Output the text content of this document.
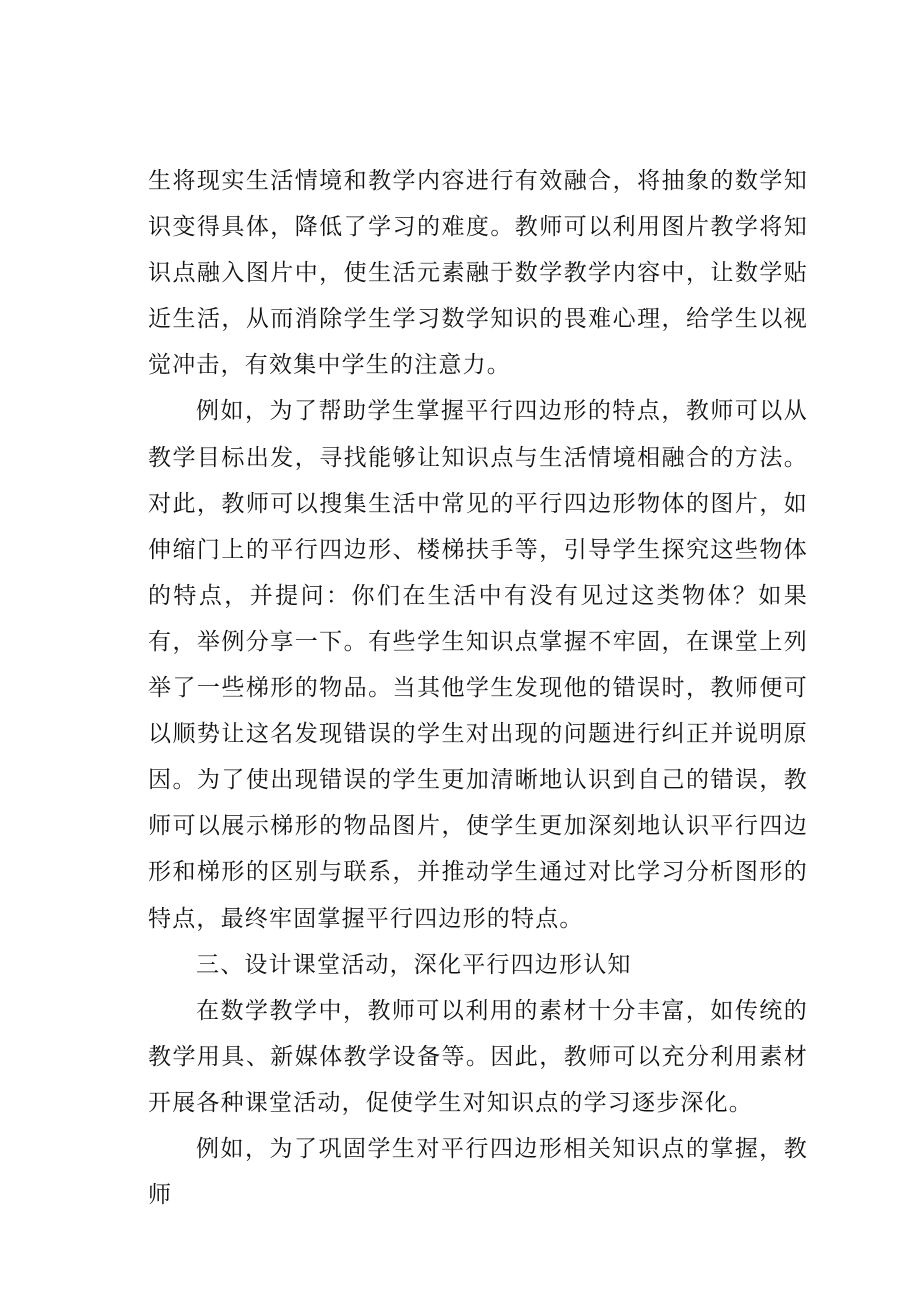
生将现实生活情境和教学内容进行有效融合，将抽象的数学知识变得具体，降低了学习的难度。教师可以利用图片教学将知识点融入图片中，使生活元素融于数学教学内容中，让数学贴近生活，从而消除学生学习数学知识的畏难心理，给学生以视觉冲击，有效集中学生的注意力。

例如，为了帮助学生掌握平行四边形的特点，教师可以从教学目标出发，寻找能够让知识点与生活情境相融合的方法。对此，教师可以搜集生活中常见的平行四边形物体的图片，如伸缩门上的平行四边形、楼梯扶手等，引导学生探究这些物体的特点，并提问：你们在生活中有没有见过这类物体？如果有，举例分享一下。有些学生知识点掌握不牢固，在课堂上列举了一些梯形的物品。当其他学生发现他的错误时，教师便可以顺势让这名发现错误的学生对出现的问题进行纠正并说明原因。为了使出现错误的学生更加清晰地认识到自己的错误，教师可以展示梯形的物品图片，使学生更加深刻地认识平行四边形和梯形的区别与联系，并推动学生通过对比学习分析图形的特点，最终牢固掌握平行四边形的特点。

三、设计课堂活动，深化平行四边形认知

在数学教学中，教师可以利用的素材十分丰富，如传统的教学用具、新媒体教学设备等。因此，教师可以充分利用素材开展各种课堂活动，促使学生对知识点的学习逐步深化。

例如，为了巩固学生对平行四边形相关知识点的掌握，教师
